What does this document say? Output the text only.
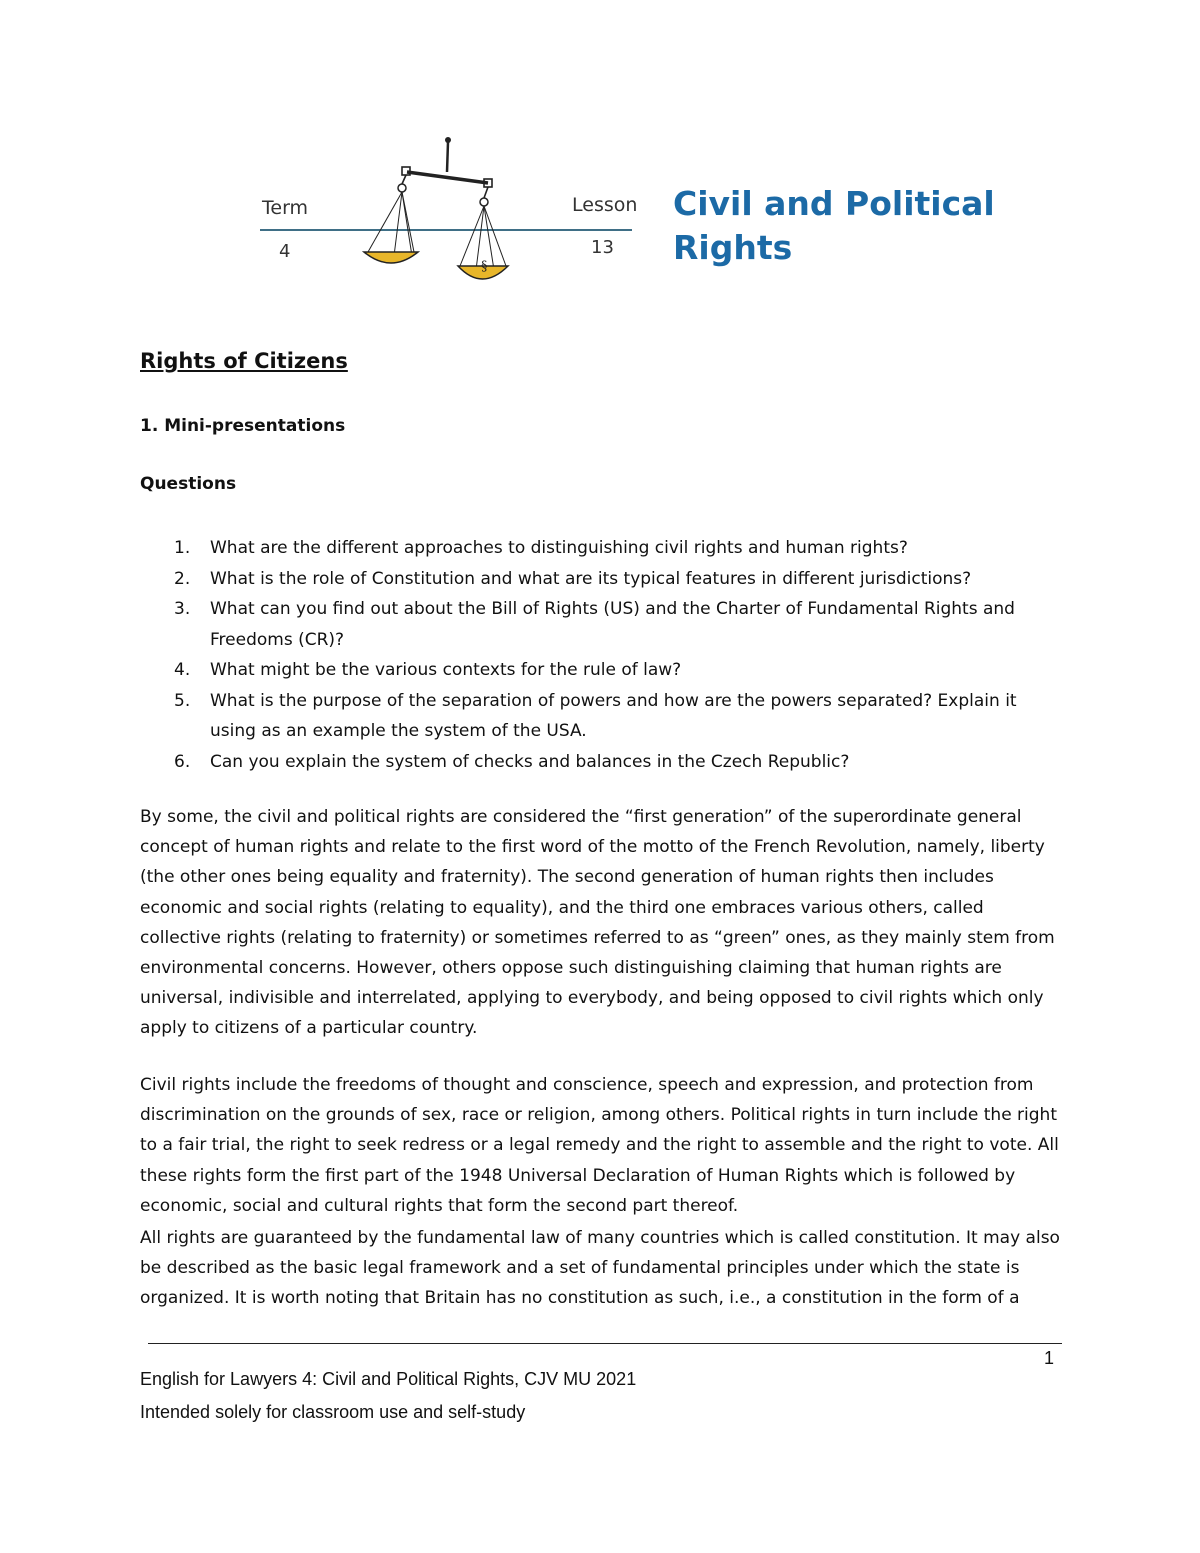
Term
4
Lesson
13
§
Civil and Political
Rights
Rights of Citizens
1. Mini-presentations
Questions
1. What are the different approaches to distinguishing civil rights and human rights?
2. What is the role of Constitution and what are its typical features in different jurisdictions?
3. What can you find out about the Bill of Rights (US) and the Charter of Fundamental Rights and Freedoms (CR)?
4. What might be the various contexts for the rule of law?
5. What is the purpose of the separation of powers and how are the powers separated? Explain it using as an example the system of the USA.
6. Can you explain the system of checks and balances in the Czech Republic?

By some, the civil and political rights are considered the “first generation” of the superordinate general concept of human rights and relate to the first word of the motto of the French Revolution, namely, liberty (the other ones being equality and fraternity). The second generation of human rights then includes economic and social rights (relating to equality), and the third one embraces various others, called collective rights (relating to fraternity) or sometimes referred to as “green” ones, as they mainly stem from environmental concerns. However, others oppose such distinguishing claiming that human rights are universal, indivisible and interrelated, applying to everybody, and being opposed to civil rights which only apply to citizens of a particular country.

Civil rights include the freedoms of thought and conscience, speech and expression, and protection from discrimination on the grounds of sex, race or religion, among others. Political rights in turn include the right to a fair trial, the right to seek redress or a legal remedy and the right to assemble and the right to vote. All these rights form the first part of the 1948 Universal Declaration of Human Rights which is followed by economic, social and cultural rights that form the second part thereof.

All rights are guaranteed by the fundamental law of many countries which is called constitution. It may also be described as the basic legal framework and a set of fundamental principles under which the state is organized. It is worth noting that Britain has no constitution as such, i.e., a constitution in the form of a

1
English for Lawyers 4: Civil and Political Rights, CJV MU 2021
Intended solely for classroom use and self-study
